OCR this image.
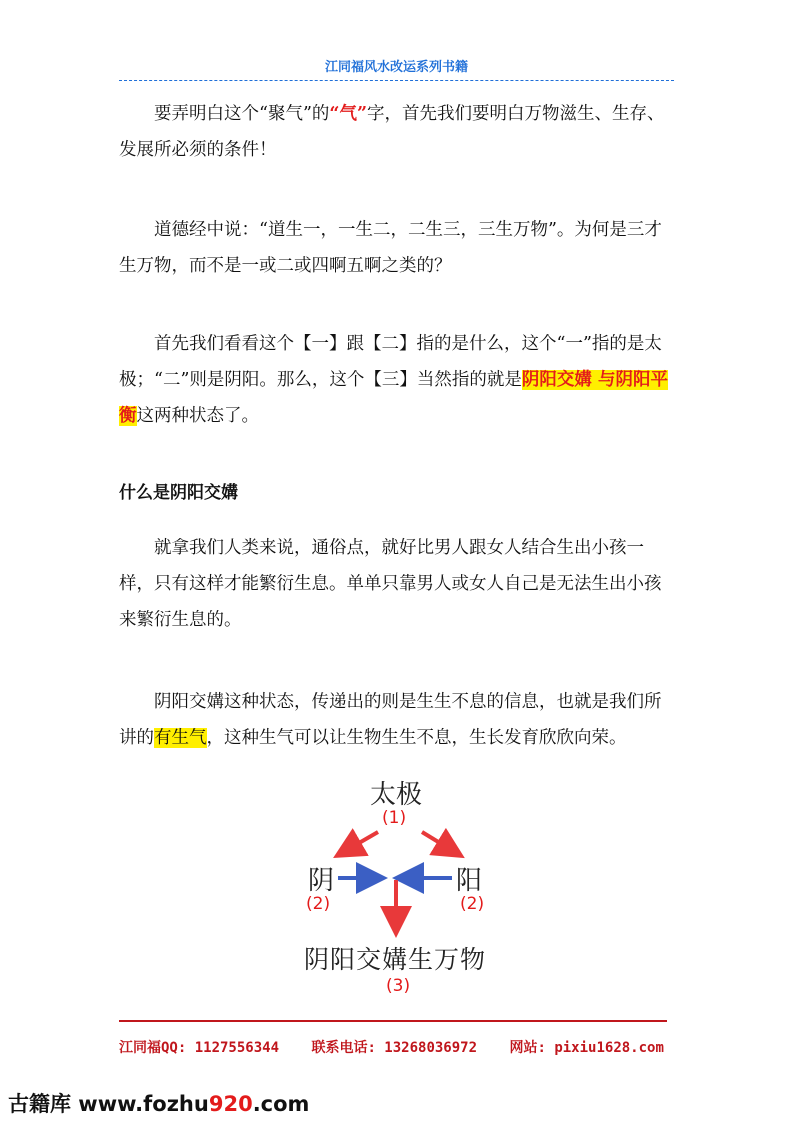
江同福风水改运系列书籍

要弄明白这个“聚气”的“气”字，首先我们要明白万物滋生、生存、发展所必须的条件！

道德经中说：“道生一，一生二，二生三，三生万物”。为何是三才生万物，而不是一或二或四啊五啊之类的？

首先我们看看这个【一】跟【二】指的是什么，这个“一”指的是太极；“二”则是阴阳。那么，这个【三】当然指的就是阴阳交媾 与阴阳平衡这两种状态了。

什么是阴阳交媾

就拿我们人类来说，通俗点，就好比男人跟女人结合生出小孩一样，只有这样才能繁衍生息。单单只靠男人或女人自己是无法生出小孩来繁衍生息的。

阴阳交媾这种状态，传递出的则是生生不息的信息，也就是我们所讲的有生气，这种生气可以让生物生生不息，生长发育欣欣向荣。

太极
(1)
阴
(2)
阳
(2)
阴阳交媾生万物
(3)
江同福QQ: 1127556344 联系电话: 13268036972 网站: pixiu1628.com
古籍库 www.fozhu920.com
